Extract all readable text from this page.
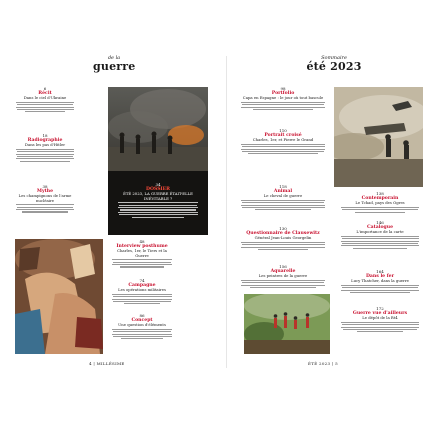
de la
guerre
6
Récit
Dans le ciel d'Ukraine
18
Radiographie
Dans les pas d'Hitler
38
Mythe
Les champignons de l'arme nucléaire
34
DOSSIER
ÉTÉ 2023, LA GUERRE ÉTAIT-ELLE INÉVITABLE ?
48
Interview posthume
Charles, 1er, le Tiers et la Guerre
74
Campagne
Les opérations militaires
86
Concept
Une question d'éléments
4 | MILLÉSIME
Sommaire
été 2023
98
Portfolio
Capa en Espagne : le jour où tout bascule
110
Portrait croisé
Charles, 1er, et Pierre le Grand
118
Animal
Le cheval de guerre
130
Questionnaire de Clausewitz
Général Jean-Louis Georgelin
156
Aquarelle
Les peintres de la guerre
138
Contemporain
Le Tchad, pays des Ogres
146
Catalogue
L'importance de la carte
164
Dans le fer
Lucy Thatcher, dans la guerre
172
Guerre vue d'ailleurs
Le dépôt de la Rt4
ÉTÉ 2023 | 5
